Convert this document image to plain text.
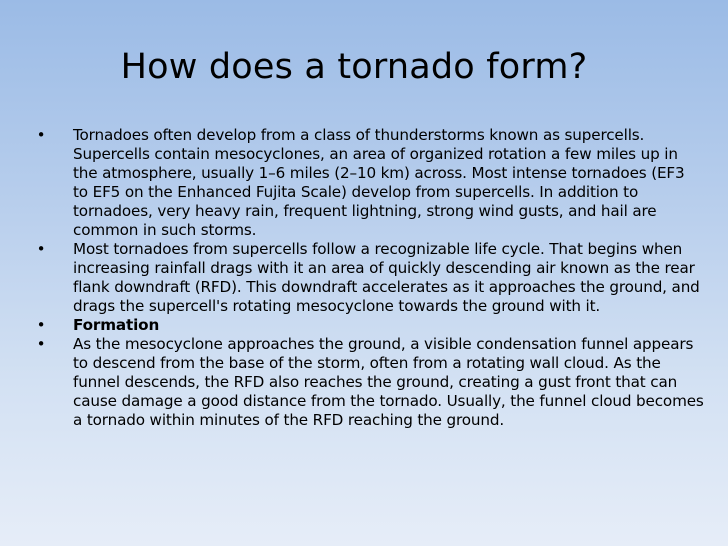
How does a tornado form?
• Tornadoes often develop from a class of thunderstorms known as supercells. Supercells contain mesocyclones, an area of organized rotation a few miles up in the atmosphere, usually 1–6 miles (2–10 km) across. Most intense tornadoes (EF3 to EF5 on the Enhanced Fujita Scale) develop from supercells. In addition to tornadoes, very heavy rain, frequent lightning, strong wind gusts, and hail are common in such storms.
• Most tornadoes from supercells follow a recognizable life cycle. That begins when increasing rainfall drags with it an area of quickly descending air known as the rear flank downdraft (RFD). This downdraft accelerates as it approaches the ground, and drags the supercell's rotating mesocyclone towards the ground with it.
• Formation
• As the mesocyclone approaches the ground, a visible condensation funnel appears to descend from the base of the storm, often from a rotating wall cloud. As the funnel descends, the RFD also reaches the ground, creating a gust front that can cause damage a good distance from the tornado. Usually, the funnel cloud becomes a tornado within minutes of the RFD reaching the ground.
